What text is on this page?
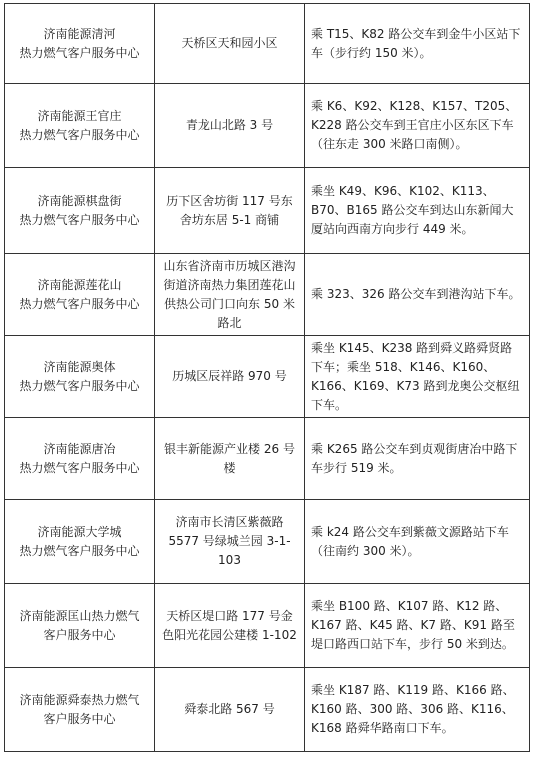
济南能源清河
热力燃气客户服务中心	天桥区天和园小区	乘 T15、K82 路公交车到金牛小区站下车（步行约 150 米）。
济南能源王官庄
热力燃气客户服务中心	青龙山北路 3 号	乘 K6、K92、K128、K157、T205、K228 路公交车到王官庄小区东区下车（往东走 300 米路口南侧）。
济南能源棋盘街
热力燃气客户服务中心	历下区舍坊街 117 号东舍坊东居 5-1 商铺	乘坐 K49、K96、K102、K113、B70、B165 路公交车到达山东新闻大厦站向西南方向步行 449 米。
济南能源莲花山
热力燃气客户服务中心	山东省济南市历城区港沟街道济南热力集团莲花山供热公司门口向东 50 米路北	乘 323、326 路公交车到港沟站下车。
济南能源奥体
热力燃气客户服务中心	历城区辰祥路 970 号	乘坐 K145、K238 路到舜义路舜贤路下车；乘坐 518、K146、K160、K166、K169、K73 路到龙奥公交枢纽下车。
济南能源唐冶
热力燃气客户服务中心	银丰新能源产业楼 26 号楼	乘 K265 路公交车到贞观街唐冶中路下车步行 519 米。
济南能源大学城
热力燃气客户服务中心	济南市长清区紫薇路 5577 号绿城兰园 3-1-103	乘 k24 路公交车到紫薇文源路站下车（往南约 300 米）。
济南能源匡山热力燃气
客户服务中心	天桥区堤口路 177 号金色阳光花园公建楼 1-102	乘坐 B100 路、K107 路、K12 路、K167 路、K45 路、K7 路、K91 路至堤口路西口站下车，步行 50 米到达。
济南能源舜泰热力燃气
客户服务中心	舜泰北路 567 号	乘坐 K187 路、K119 路、K166 路、K160 路、300 路、306 路、K116、K168 路舜华路南口下车。
